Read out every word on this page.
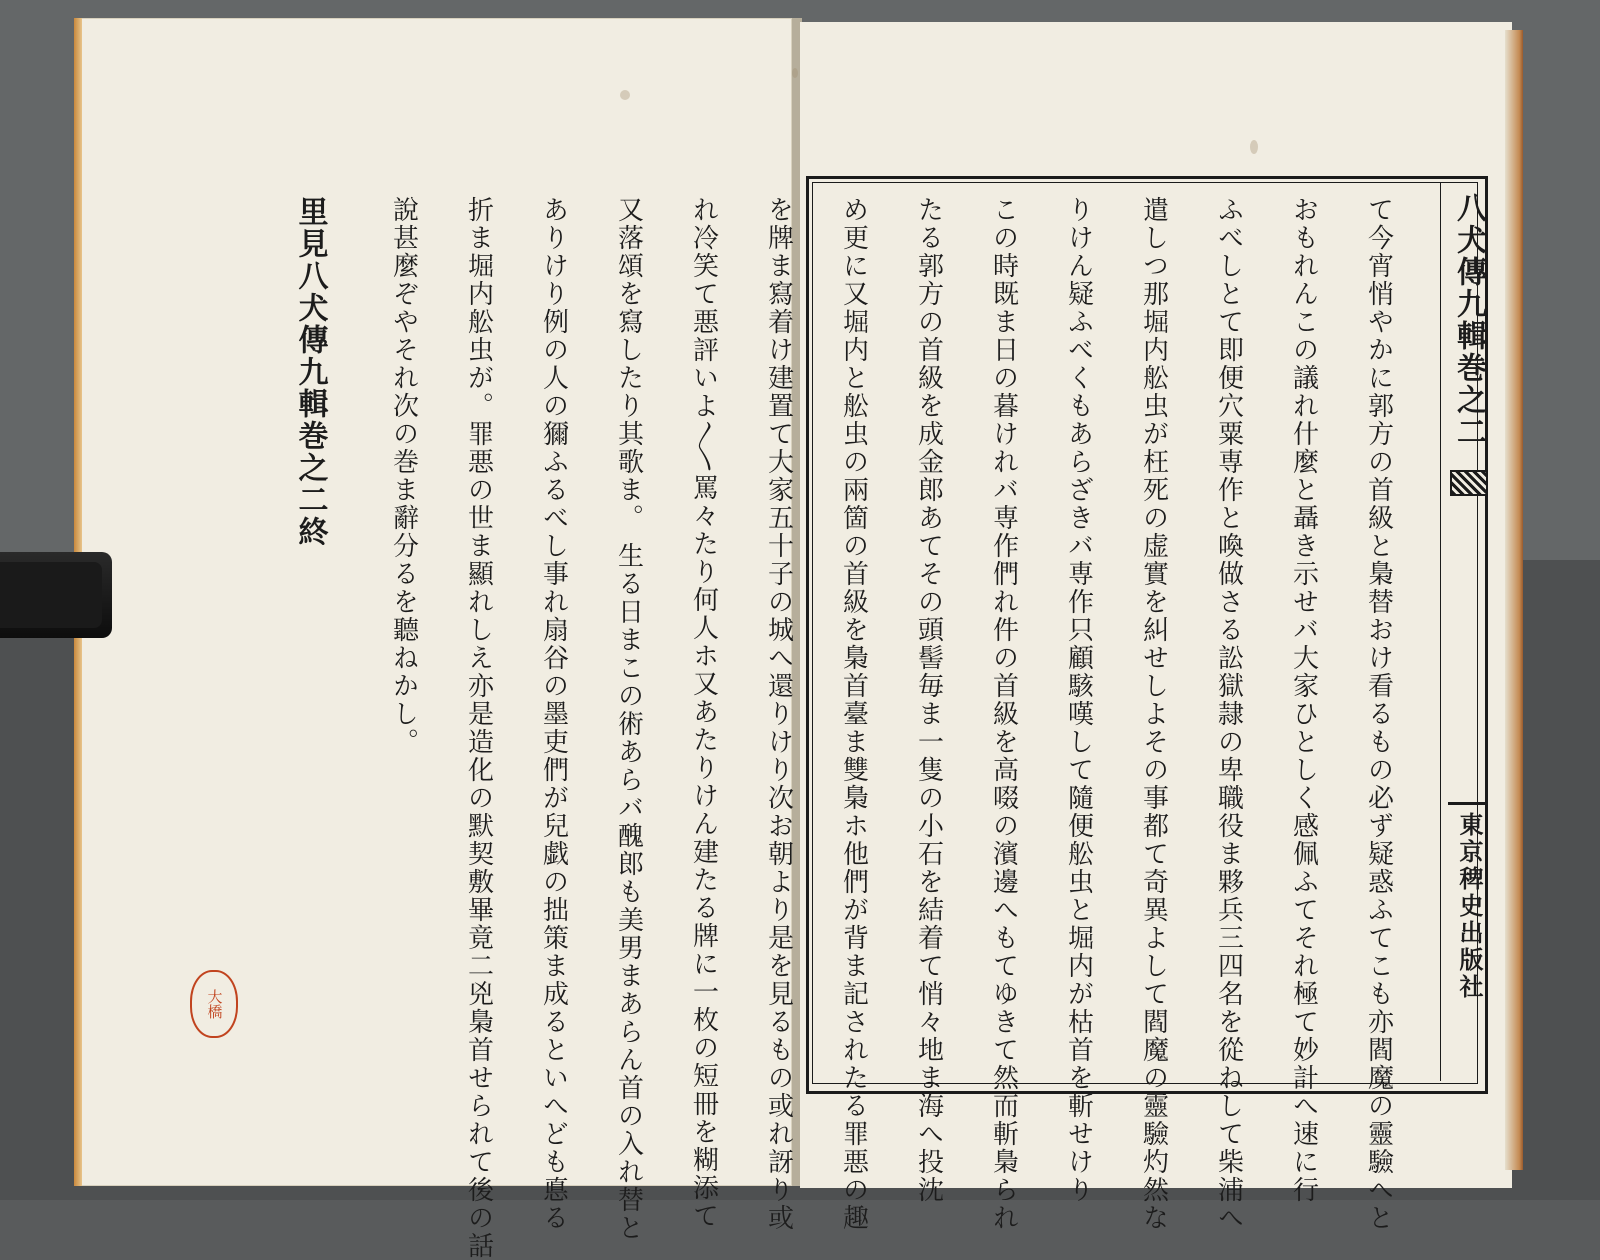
大橋
八犬傳九輯巻之二
東京稗史出版社

て今宵悄やかに郭方の首級と梟替おけ看るもの必ず疑惑ふてこも亦閻魔の靈驗へと

おもれんこの議れ什麼と聶き示せバ大家ひとしく感佩ふてそれ極て妙計へ速に行

ふべしとて即便穴粟専作と喚做さる訟獄隷の卑職役ま夥兵三四名を從ねして柴浦へ

遣しつ那堀内舩虫が枉死の虚實を糾せしよその事都て奇異よして閻魔の靈驗灼然な

りけん疑ふべくもあらざきバ専作只顧駭嘆して隨便舩虫と堀内が枯首を斬せけり

この時既ま日の暮けれバ専作們れ件の首級を高啜の濱邊へもてゆきて然而斬梟られ

たる郭方の首級を成金郎あてその頭髻毎ま一隻の小石を結着て悄々地ま海へ投沈

め更に又堀内と舩虫の兩箇の首級を梟首臺ま雙梟ホ他們が背ま記されたる罪悪の趣

を牌ま寫着け建置て大家五十子の城へ還りけり次お朝より是を見るもの或れ訝り或

れ冷笑て悪評いよ〳〵罵々たり何人ホ又あたりけん建たる牌に一枚の短冊を糊添て

又落頌を寫したり其歌ま。 生る日まこの術あらバ醜郎も美男まあらん首の入れ替と

ありけり例の人の獮ふるべし事れ扇谷の墨吏們が兒戯の拙策ま成るといへども悳る

折ま堀内舩虫が。罪悪の世ま顯れしえ亦是造化の默契敷畢竟二兇梟首せられて後の話

說甚麼ぞやそれ次の巻ま辭分るを聽ねかし。

里見八犬傳九輯巻之二終
